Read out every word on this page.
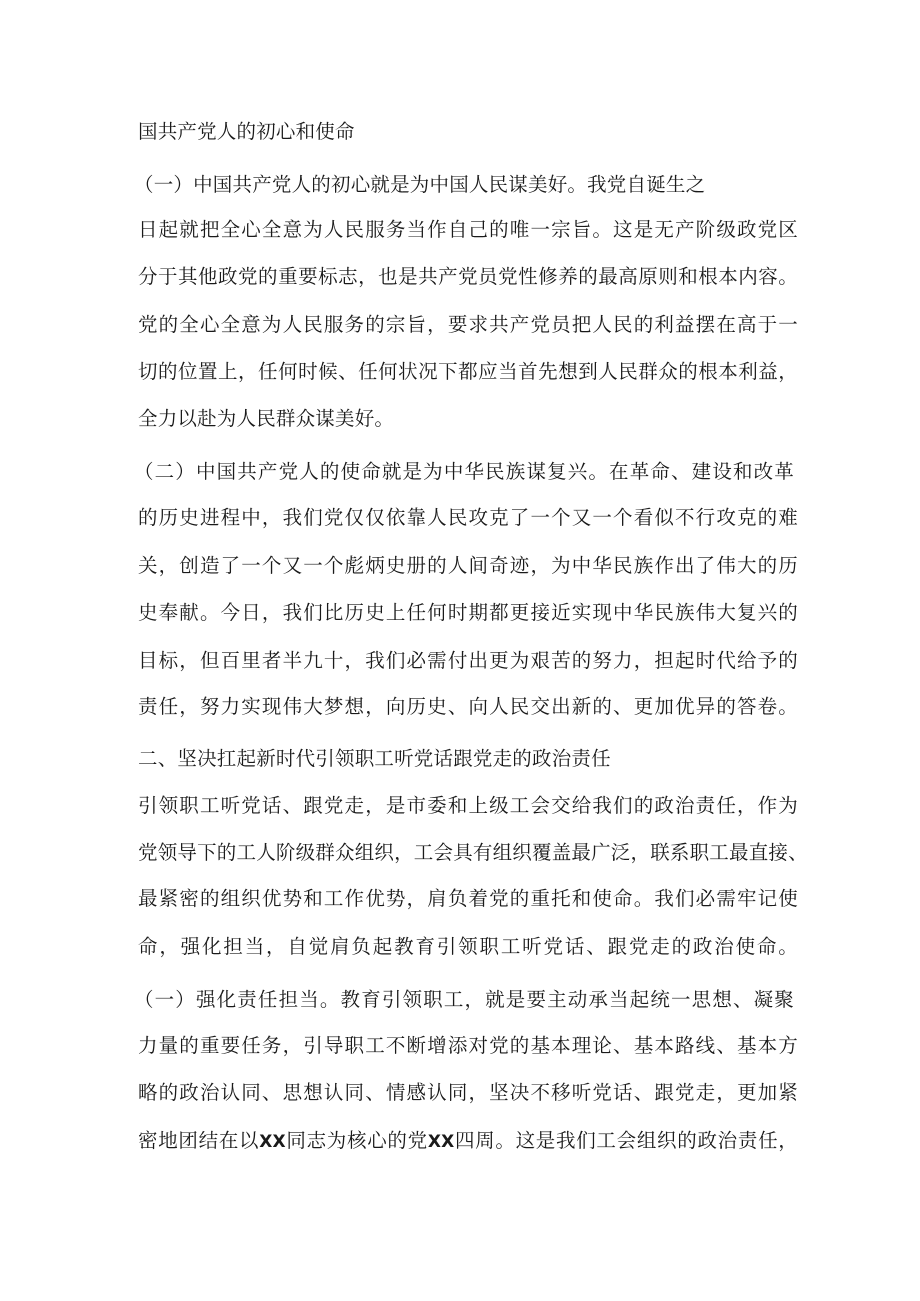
国共产党人的初心和使命

（一）中国共产党人的初心就是为中国人民谋美好。我党自诞生之

日起就把全心全意为人民服务当作自己的唯一宗旨。这是无产阶级政党区

分于其他政党的重要标志，也是共产党员党性修养的最高原则和根本内容。

党的全心全意为人民服务的宗旨，要求共产党员把人民的利益摆在高于一

切的位置上，任何时候、任何状况下都应当首先想到人民群众的根本利益，

全力以赴为人民群众谋美好。

（二）中国共产党人的使命就是为中华民族谋复兴。在革命、建设和改革

的历史进程中，我们党仅仅依靠人民攻克了一个又一个看似不行攻克的难

关，创造了一个又一个彪炳史册的人间奇迹，为中华民族作出了伟大的历

史奉献。今日，我们比历史上任何时期都更接近实现中华民族伟大复兴的

目标，但百里者半九十，我们必需付出更为艰苦的努力，担起时代给予的

责任，努力实现伟大梦想，向历史、向人民交出新的、更加优异的答卷。

二、坚决扛起新时代引领职工听党话跟党走的政治责任

引领职工听党话、跟党走，是市委和上级工会交给我们的政治责任，作为

党领导下的工人阶级群众组织，工会具有组织覆盖最广泛，联系职工最直接、

最紧密的组织优势和工作优势，肩负着党的重托和使命。我们必需牢记使

命，强化担当，自觉肩负起教育引领职工听党话、跟党走的政治使命。

（一）强化责任担当。教育引领职工，就是要主动承当起统一思想、凝聚

力量的重要任务，引导职工不断增添对党的基本理论、基本路线、基本方

略的政治认同、思想认同、情感认同，坚决不移听党话、跟党走，更加紧

密地团结在以XX同志为核心的党XX四周。这是我们工会组织的政治责任，
